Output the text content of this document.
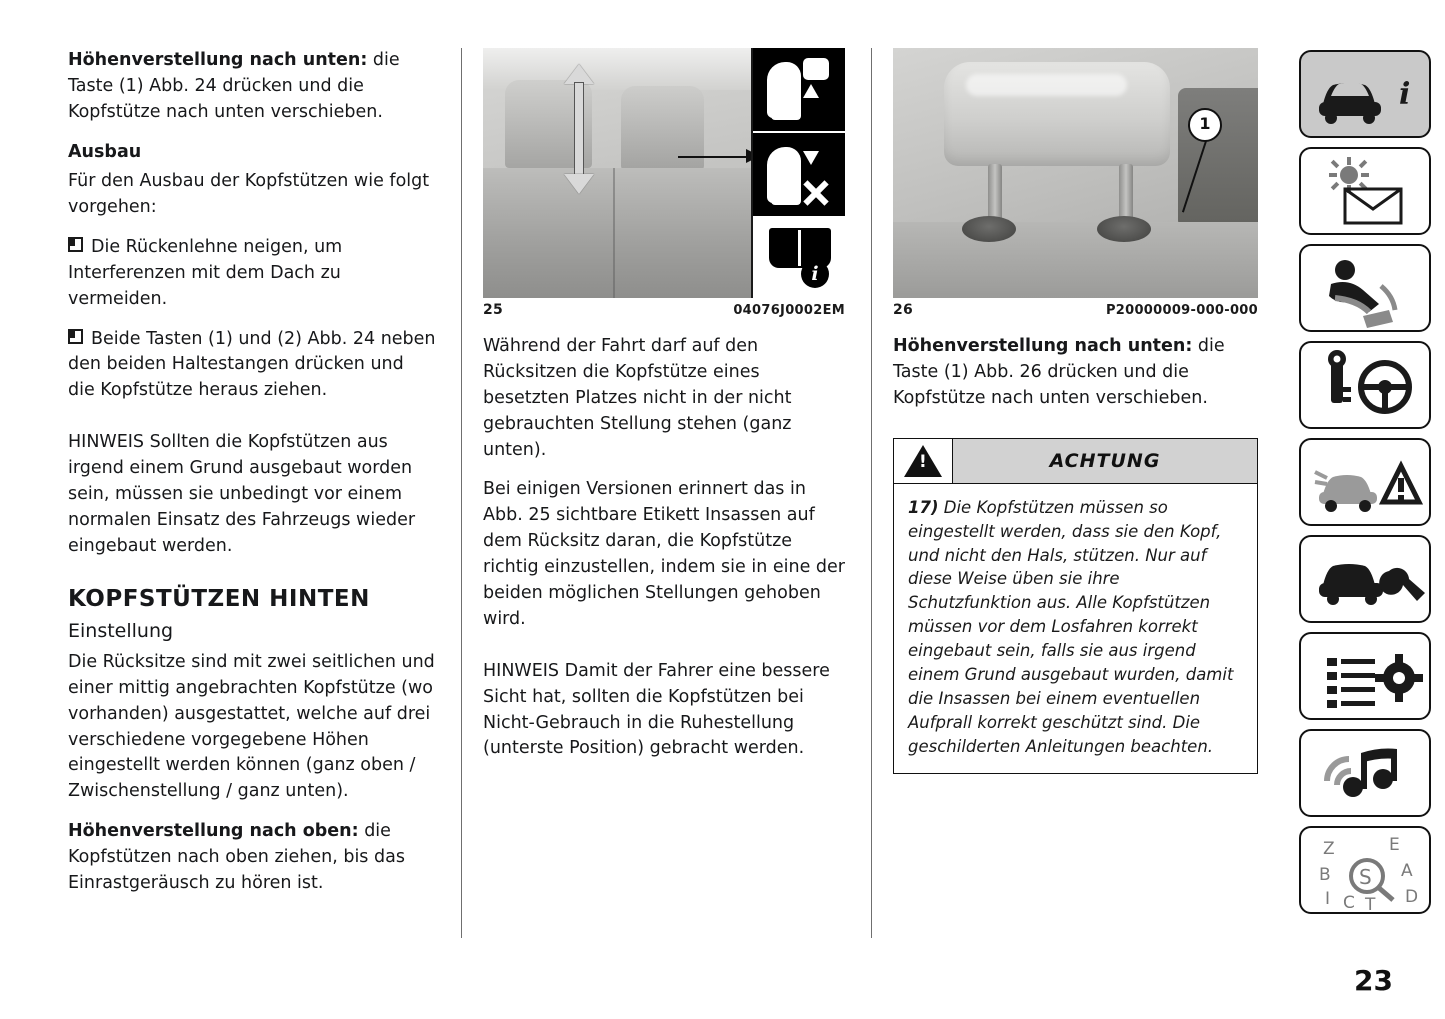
Höhenverstellung nach unten: die Taste (1) Abb. 24 drücken und die Kopfstütze nach unten verschieben.

Ausbau

Für den Ausbau der Kopfstützen wie folgt vorgehen:

Die Rückenlehne neigen, um Interferenzen mit dem Dach zu vermeiden.

Beide Tasten (1) und (2) Abb. 24 neben den beiden Haltestangen drücken und die Kopfstütze heraus ziehen.

HINWEIS Sollten die Kopfstützen aus irgend einem Grund ausgebaut worden sein, müssen sie unbedingt vor einem normalen Einsatz des Fahrzeugs wieder eingebaut werden.

KOPFSTÜTZEN HINTEN

Einstellung

Die Rücksitze sind mit zwei seitlichen und einer mittig angebrachten Kopfstütze (wo vorhanden) ausgestattet, welche auf drei verschiedene vorgegebene Höhen eingestellt werden können (ganz oben / Zwischenstellung / ganz unten).

Höhenverstellung nach oben: die Kopfstützen nach oben ziehen, bis das Einrastgeräusch zu hören ist.

i
25	04076J0002EM

Während der Fahrt darf auf den Rücksitzen die Kopfstütze eines besetzten Platzes nicht in der nicht gebrauchten Stellung stehen (ganz unten).

Bei einigen Versionen erinnert das in Abb. 25 sichtbare Etikett Insassen auf dem Rücksitz daran, die Kopfstütze richtig einzustellen, indem sie in eine der beiden möglichen Stellungen gehoben wird.

HINWEIS Damit der Fahrer eine bessere Sicht hat, sollten die Kopfstützen bei Nicht-Gebrauch in die Ruhestellung (unterste Position) gebracht werden.

1
26	P20000009-000-000

Höhenverstellung nach unten: die Taste (1) Abb. 26 drücken und die Kopfstütze nach unten verschieben.

!
ACHTUNG
17) Die Kopfstützen müssen so eingestellt werden, dass sie den Kopf, und nicht den Hals, stützen. Nur auf diese Weise üben sie ihre Schutzfunktion aus. Alle Kopfstützen müssen vor dem Losfahren korrekt eingebaut sein, falls sie aus irgend einem Grund ausgebaut wurden, damit die Insassen bei einem eventuellen Aufprall korrekt geschützt sind. Die geschilderten Anleitungen beachten.
i
Z	E
B	A
I C T D
S
23
